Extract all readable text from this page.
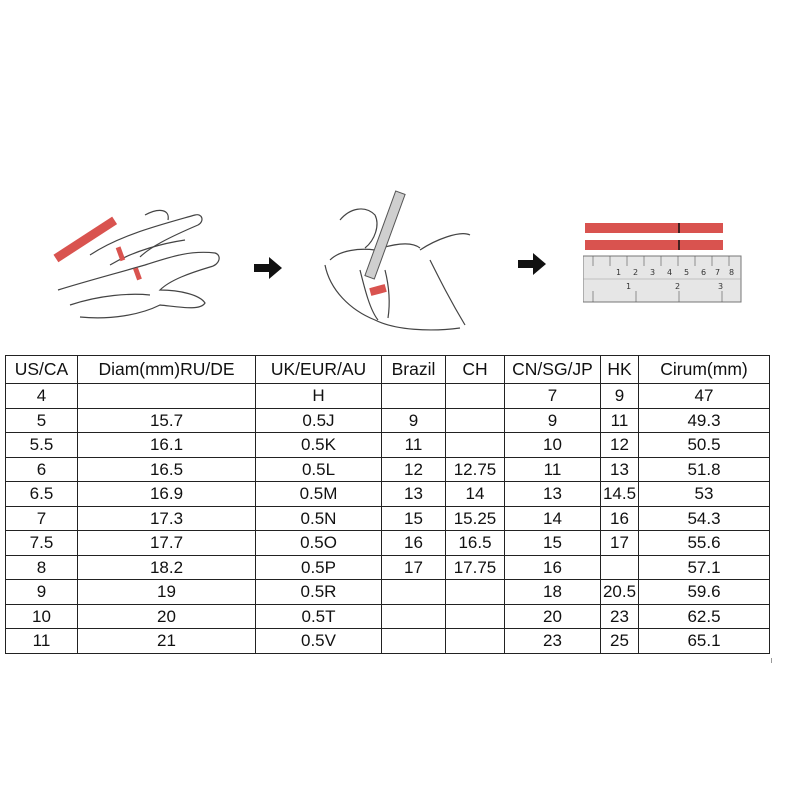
1 2 3 4 5 6 7 8
1	2	3
US/CA	Diam(mm)RU/DE	UK/EUR/AU	Brazil	CH	CN/SG/JP	HK	Cirum(mm)
4		H			7	9	47
5	15.7	0.5J	9		9	11	49.3
5.5	16.1	0.5K	11		10	12	50.5
6	16.5	0.5L	12	12.75	11	13	51.8
6.5	16.9	0.5M	13	14	13	14.5	53
7	17.3	0.5N	15	15.25	14	16	54.3
7.5	17.7	0.5O	16	16.5	15	17	55.6
8	18.2	0.5P	17	17.75	16		57.1
9	19	0.5R			18	20.5	59.6
10	20	0.5T			20	23	62.5
11	21	0.5V			23	25	65.1
